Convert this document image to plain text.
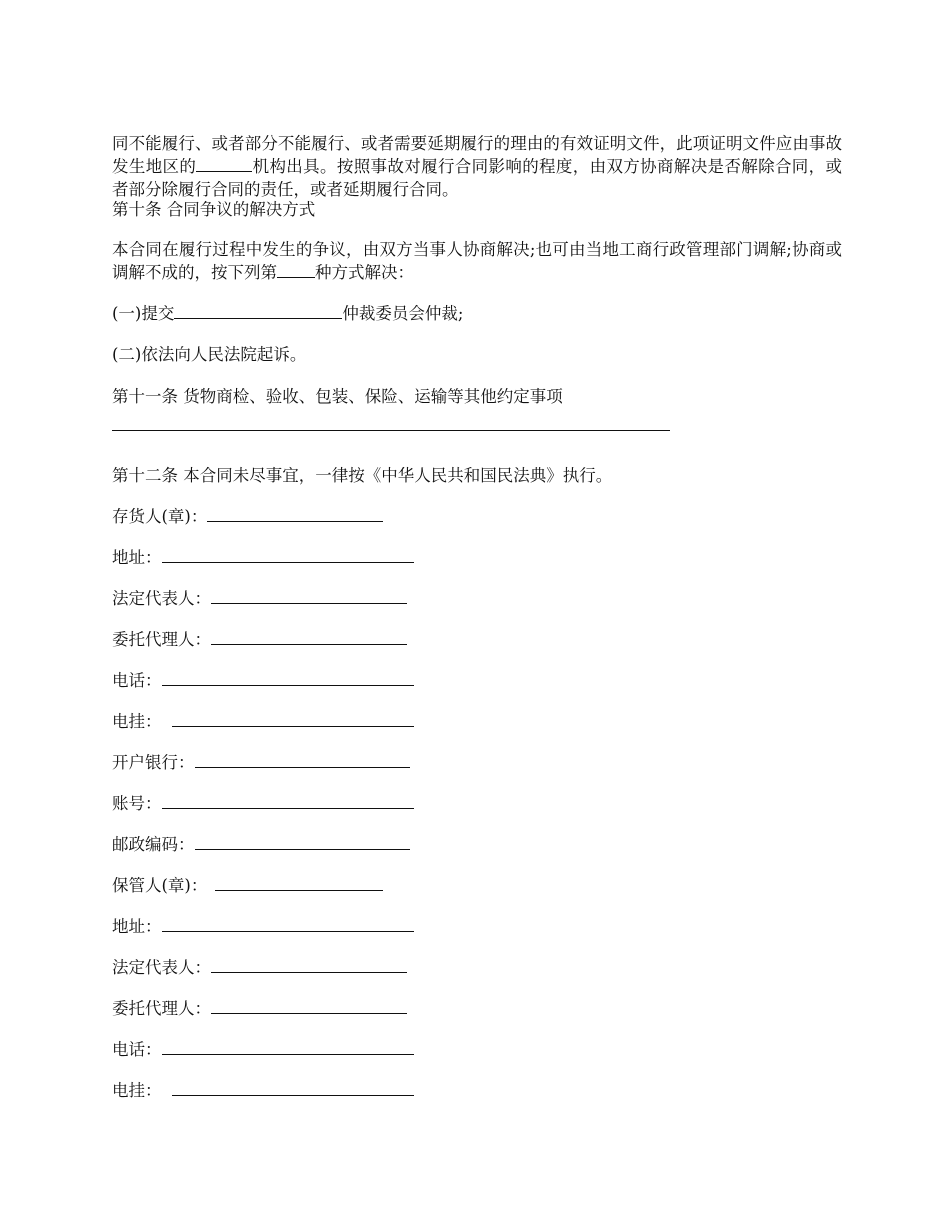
同不能履行、或者部分不能履行、或者需要延期履行的理由的有效证明文件，此项证明文件应由事故发生地区的	机构出具。按照事故对履行合同影响的程度，由双方协商解决是否解除合同，或者部分除履行合同的责任，或者延期履行合同。

第十条 合同争议的解决方式

本合同在履行过程中发生的争议，由双方当事人协商解决;也可由当地工商行政管理部门调解;协商或调解不成的，按下列第 种方式解决：

(一)提交	仲裁委员会仲裁;

(二)依法向人民法院起诉。

第十一条 货物商检、验收、包装、保险、运输等其他约定事项

第十二条 本合同未尽事宜，一律按《中华人民共和国民法典》执行。

存货人(章)：

地址：

法定代表人：

委托代理人：

电话：

电挂：

开户银行：

账号：

邮政编码：

保管人(章)：

地址：

法定代表人：

委托代理人：

电话：

电挂：
